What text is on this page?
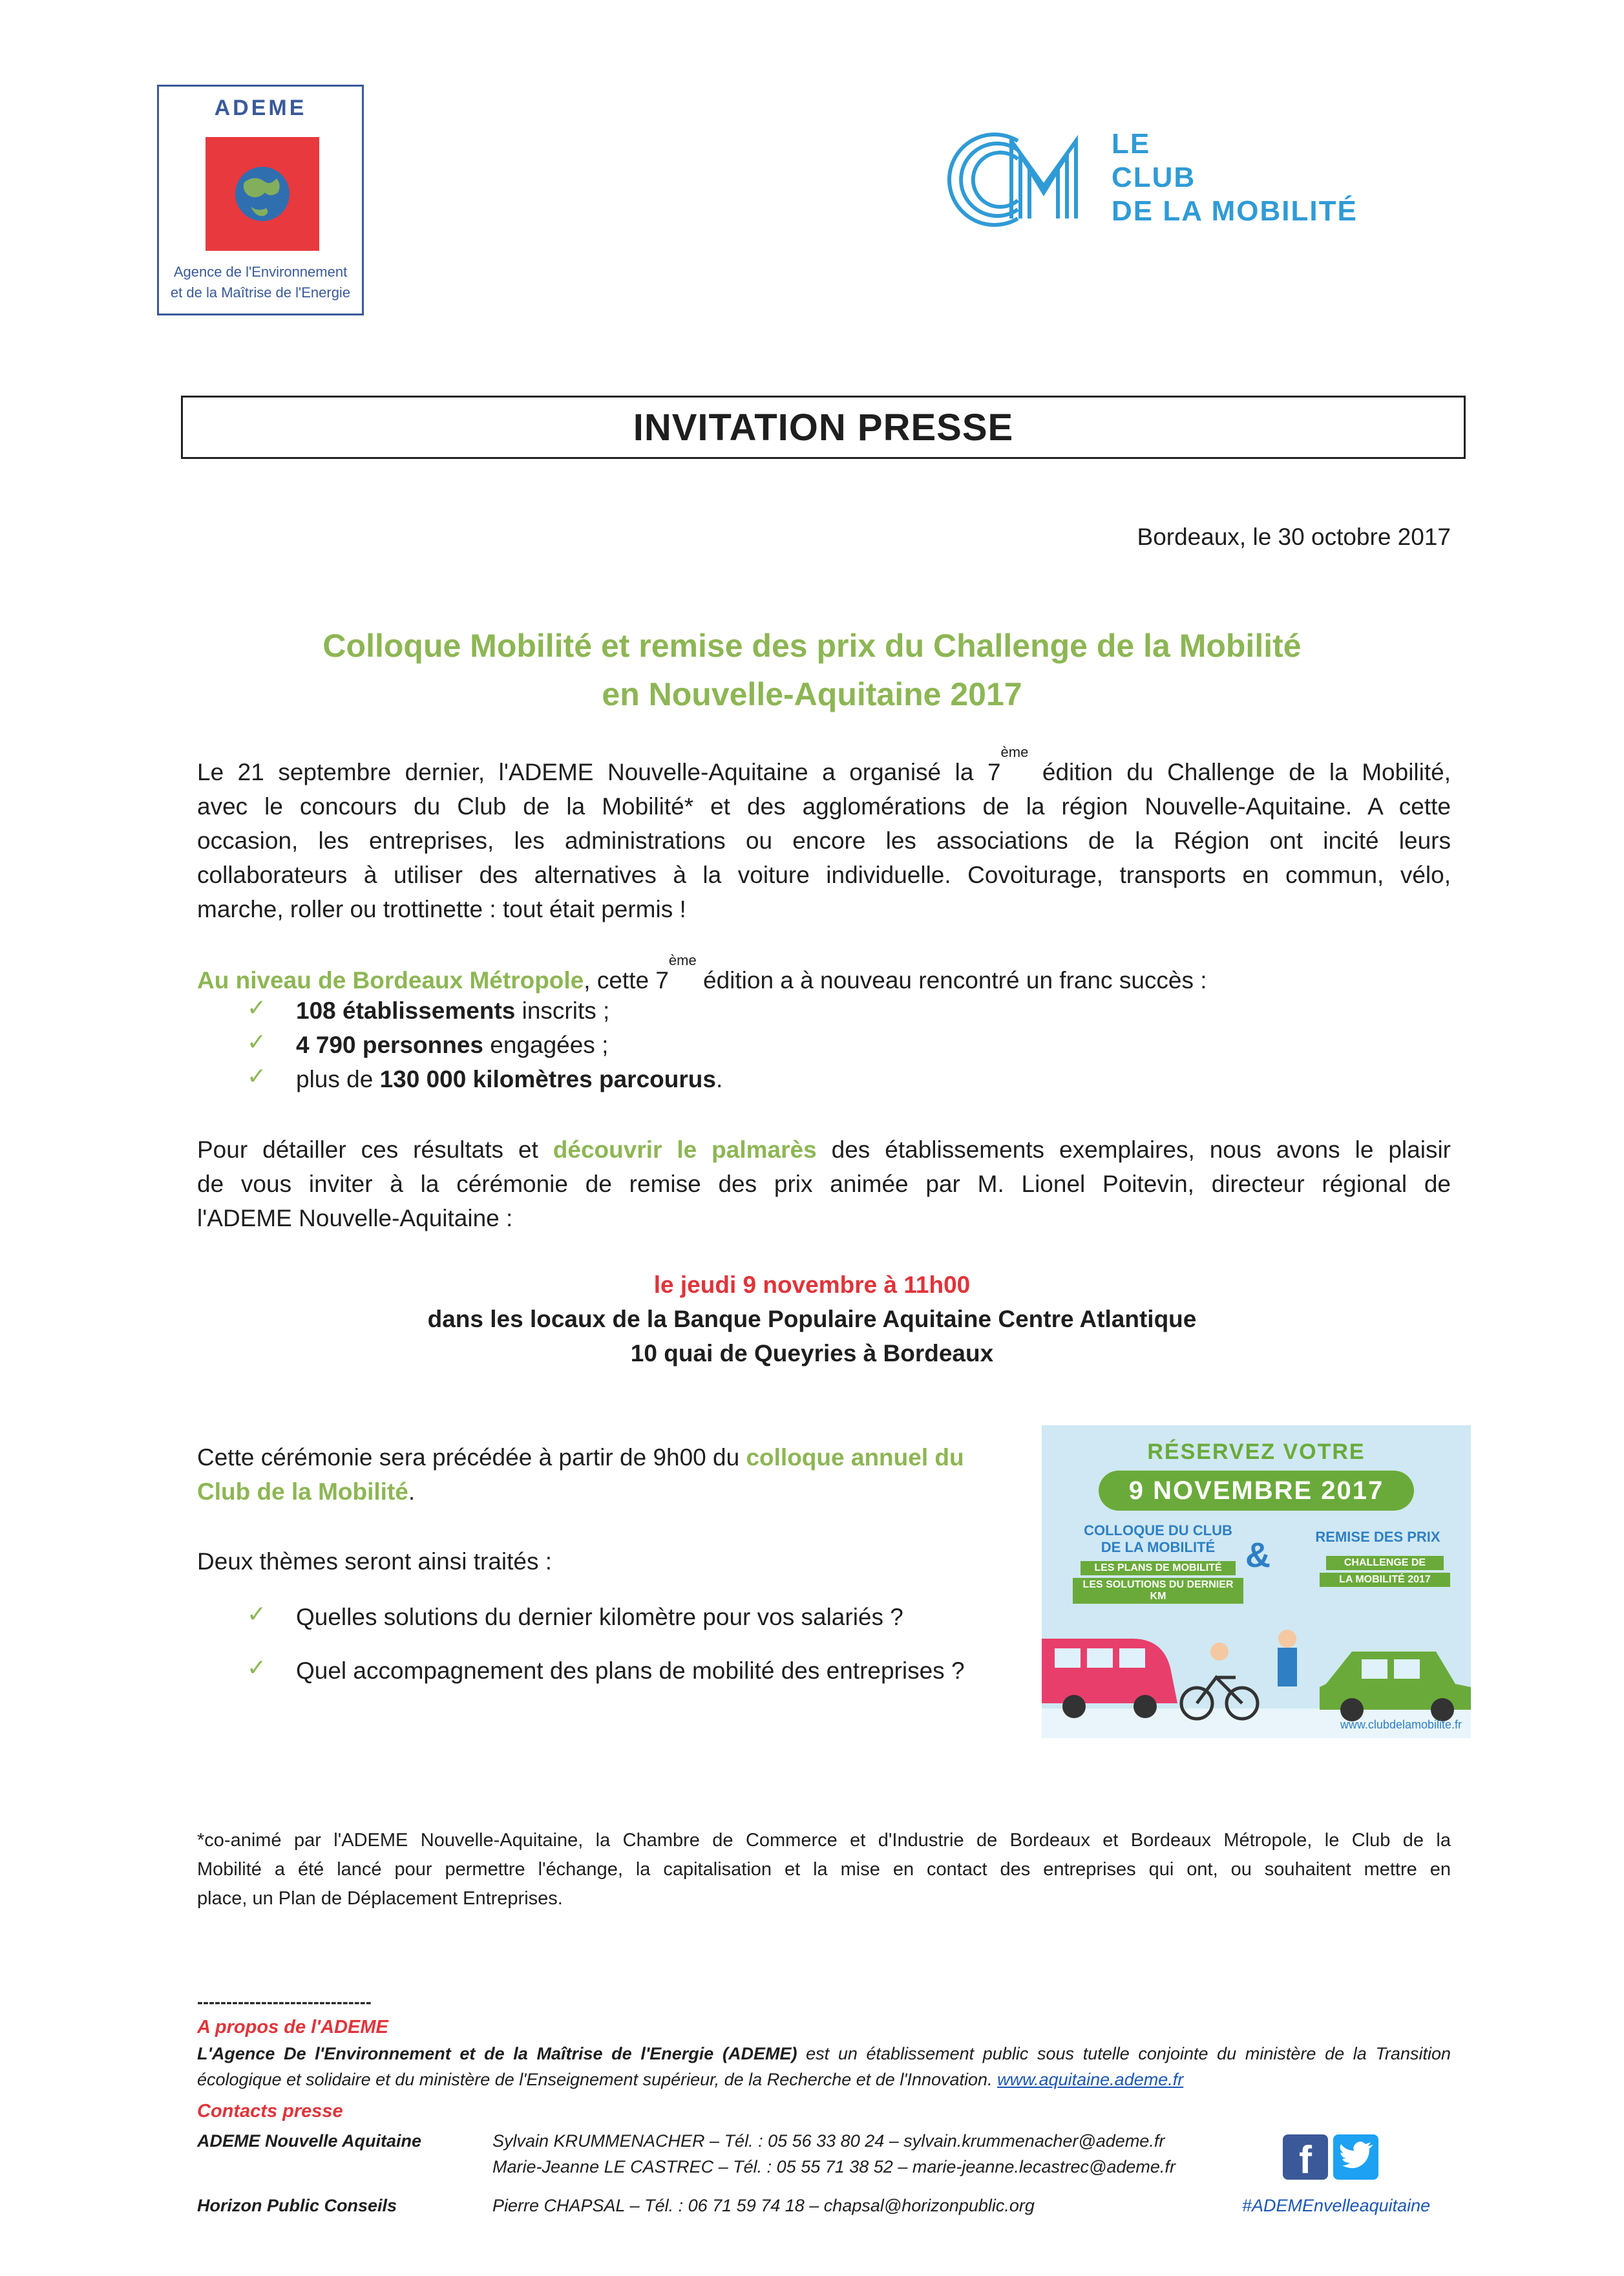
ADEME
Agence de l'Environnement
et de la Maîtrise de l'Energie
LE
CLUB
DE LA MOBILITÉ
INVITATION PRESSE
Bordeaux, le 30 octobre 2017
Colloque Mobilité et remise des prix du Challenge de la Mobilité
en Nouvelle-Aquitaine 2017
Le 21 septembre dernier, l'ADEME Nouvelle-Aquitaine a organisé la 7ème édition du Challenge de la Mobilité,
avec le concours du Club de la Mobilité* et des agglomérations de la région Nouvelle-Aquitaine. A cette
occasion, les entreprises, les administrations ou encore les associations de la Région ont incité leurs
collaborateurs à utiliser des alternatives à la voiture individuelle. Covoiturage, transports en commun, vélo,
marche, roller ou trottinette : tout était permis !
Au niveau de Bordeaux Métropole, cette 7ème édition a à nouveau rencontré un franc succès :
✓ 108 établissements inscrits ;
✓ 4 790 personnes engagées ;
✓ plus de 130 000 kilomètres parcourus.
Pour détailler ces résultats et découvrir le palmarès des établissements exemplaires, nous avons le plaisir
de vous inviter à la cérémonie de remise des prix animée par M. Lionel Poitevin, directeur régional de
l'ADEME Nouvelle-Aquitaine :
le jeudi 9 novembre à 11h00
dans les locaux de la Banque Populaire Aquitaine Centre Atlantique
10 quai de Queyries à Bordeaux
Cette cérémonie sera précédée à partir de 9h00 du colloque annuel du
Club de la Mobilité.
Deux thèmes seront ainsi traités :
✓ Quelles solutions du dernier kilomètre pour vos salariés ?
✓ Quel accompagnement des plans de mobilité des entreprises ?
RÉSERVEZ VOTRE
9 NOVEMBRE 2017
COLLOQUE DU CLUB DE LA MOBILITÉ
LES PLANS DE MOBILITÉ
LES SOLUTIONS DU DERNIER KM
&	REMISE DES PRIX
CHALLENGE DE
LA MOBILITÉ 2017
www.clubdelamobilite.fr
*co-animé par l'ADEME Nouvelle-Aquitaine, la Chambre de Commerce et d'Industrie de Bordeaux et Bordeaux Métropole, le Club de la
Mobilité a été lancé pour permettre l'échange, la capitalisation et la mise en contact des entreprises qui ont, ou souhaitent mettre en
place, un Plan de Déplacement Entreprises.
------------------------------
A propos de l'ADEME
L'Agence De l'Environnement et de la Maîtrise de l'Energie (ADEME) est un établissement public sous tutelle conjointe du ministère de la Transition
écologique et solidaire et du ministère de l'Enseignement supérieur, de la Recherche et de l'Innovation. www.aquitaine.ademe.fr
Contacts presse
ADEME Nouvelle Aquitaine	Sylvain KRUMMENACHER – Tél. : 05 56 33 80 24 – sylvain.krummenacher@ademe.fr
Marie-Jeanne LE CASTREC – Tél. : 05 55 71 38 52 – marie-jeanne.lecastrec@ademe.fr
Horizon Public Conseils	Pierre CHAPSAL – Tél. : 06 71 59 74 18 – chapsal@horizonpublic.org
f
#ADEMEnvelleaquitaine
